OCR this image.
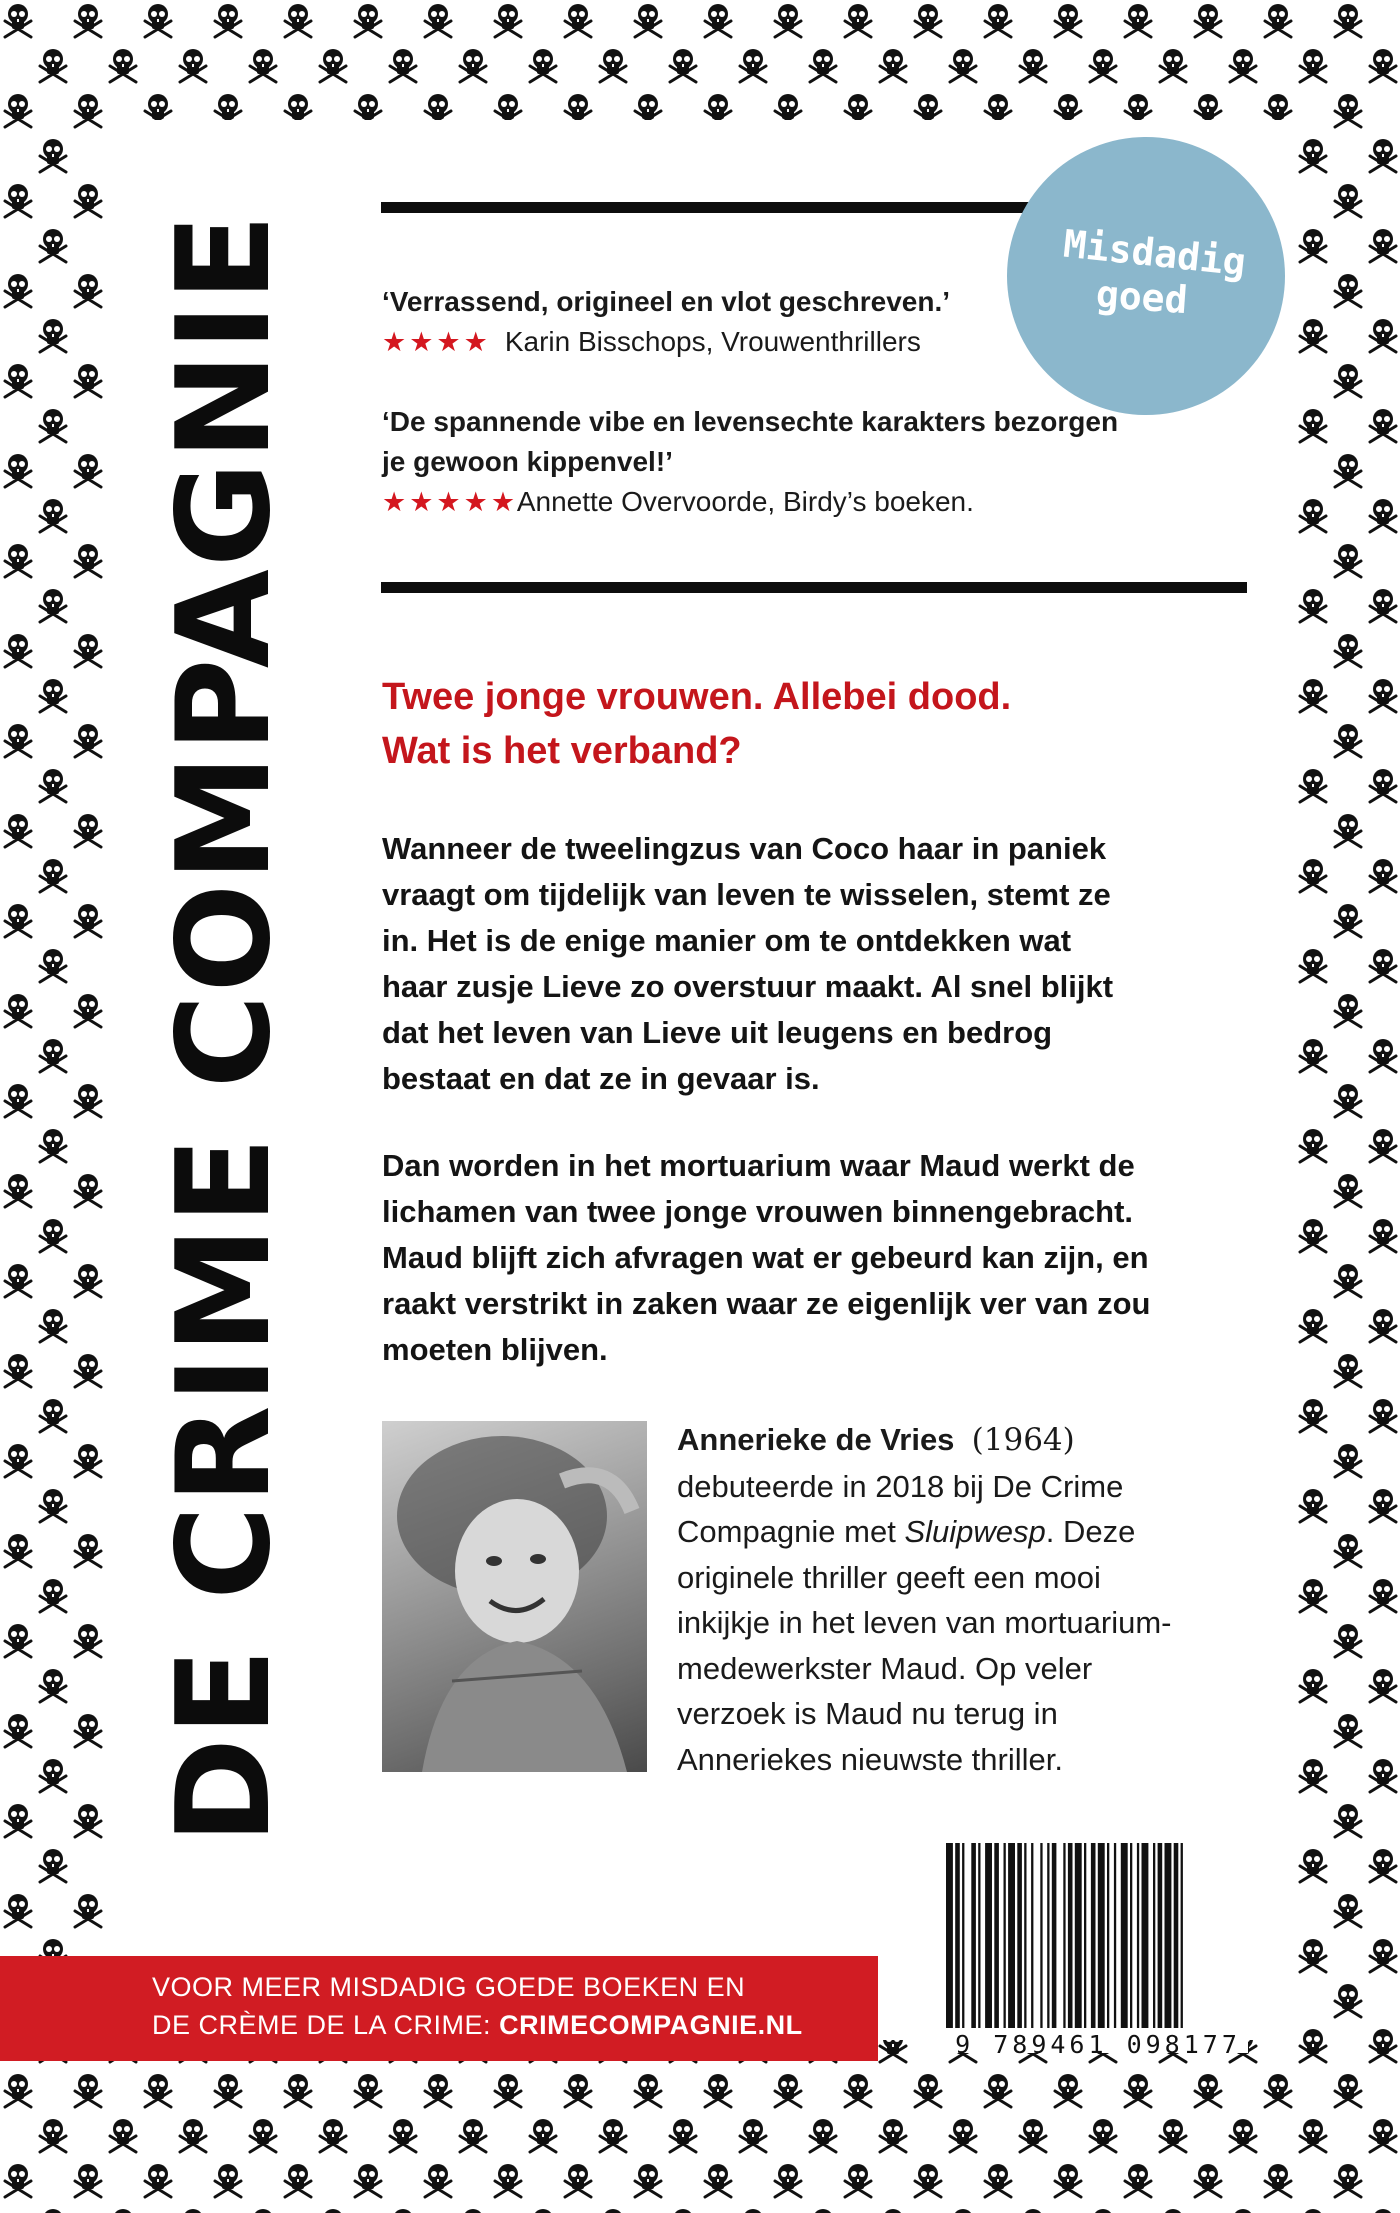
DE CRIME COMPAGNIE	Misdadig
goed
‘Verrassend, origineel en vlot geschreven.’
★★★★ Karin Bisschops, Vrouwenthrillers
‘De spannende vibe en levensechte karakters bezorgen
je gewoon kippenvel!’
★★★★★
Annette Overvoorde, Birdy’s boeken.
Twee jonge vrouwen. Allebei dood.
Wat is het verband?
Wanneer de tweelingzus van Coco haar in paniek
vraagt om tijdelijk van leven te wisselen, stemt ze
in. Het is de enige manier om te ontdekken wat
haar zusje Lieve zo overstuur maakt. Al snel blijkt
dat het leven van Lieve uit leugens en bedrog
bestaat en dat ze in gevaar is.
Dan worden in het mortuarium waar Maud werkt de
lichamen van twee jonge vrouwen binnengebracht.
Maud blijft zich afvragen wat er gebeurd kan zijn, en
raakt verstrikt in zaken waar ze eigenlijk ver van zou
moeten blijven.
Annerieke de Vries (1964)
debuteerde in 2018 bij De Crime
Compagnie met Sluipwesp. Deze
originele thriller geeft een mooi
inkijkje in het leven van mortuarium-
medewerkster Maud. Op veler
verzoek is Maud nu terug in
Anneriekes nieuwste thriller.
VOOR MEER MISDADIG GOEDE BOEKEN EN
DE CRÈME DE LA CRIME: CRIMECOMPAGNIE.NL
9 789461 098177
